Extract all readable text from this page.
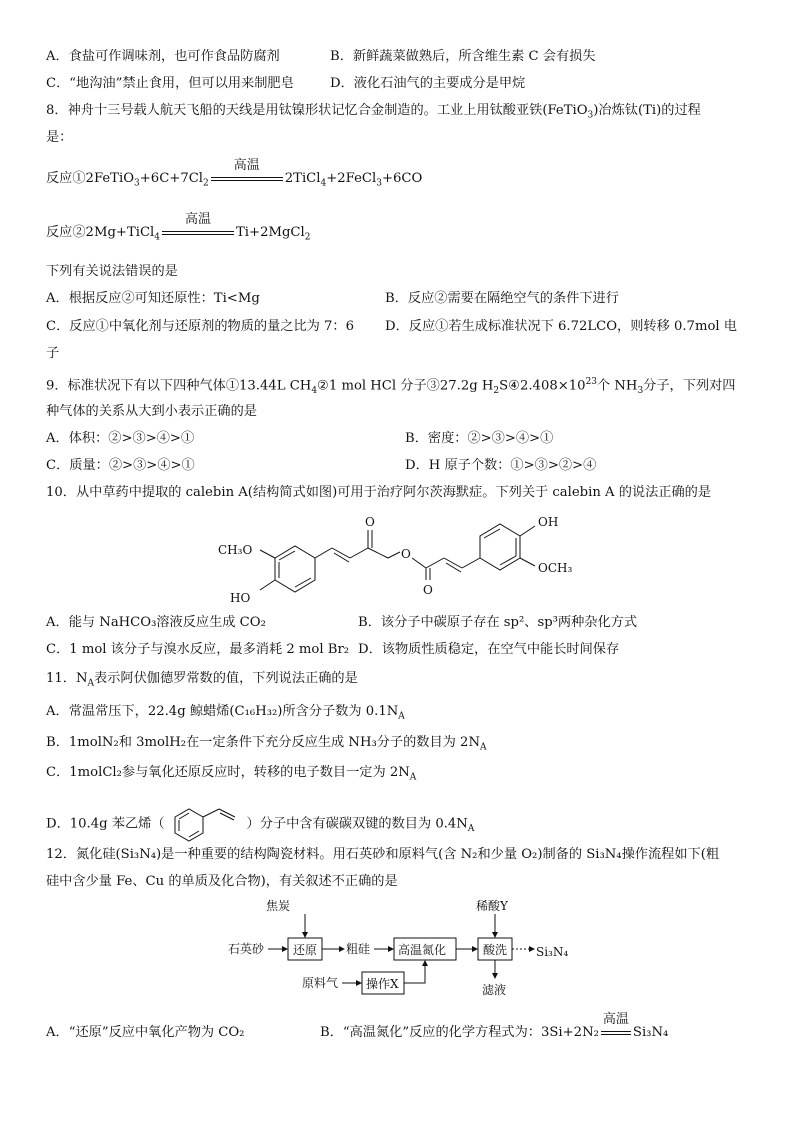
A．食盐可作调味剂，也可作食品防腐剂	B．新鲜蔬菜做熟后，所含维生素 C 会有损失
C．“地沟油”禁止食用，但可以用来制肥皂	D．液化石油气的主要成分是甲烷
8．神舟十三号载人航天飞船的天线是用钛镍形状记忆合金制造的。工业上用钛酸亚铁(FeTiO$_3$)冶炼钛(Ti)的过程
是：
反应$①2FeTiO_3+6C+7Cl_2$
高温
2TiCl$_4$+2FeCl$_3$+6CO
反应②2Mg+TiCl$_4$
高温
Ti+2MgCl$_2$
下列有关说法错误的是
A．根据反应②可知还原性：Ti<Mg	B．反应②需要在隔绝空气的条件下进行
C．反应①中氧化剂与还原剂的物质的量之比为 7：6 D．反应①若生成标准状况下 6.72LCO，则转移 0.7mol 电
子
9．标准状况下有以下四种气体①13.44L $CH_4②1$ mol HCl 分子③27.2g $H_2S④2.408\times 10^{23}$个 $NH_3$分子，下列对四
种气体的关系从大到小表示正确的是
A．体积：②>③>④>①	B．密度：②>③>④>①
C．质量：②>③>④>①	D．H 原子个数：①>③>②>④
10．从中草药中提取的 calebin A(结构简式如图)可用于治疗阿尔茨海默症。下列关于 calebin A 的说法正确的是
CH₃O
HO
O
O
O
OH
OCH₃
A．能与 NaHCO₃溶液反应生成 CO₂	B．该分子中碳原子存在 sp²、sp³两种杂化方式
C．1 mol 该分子与溴水反应，最多消耗 2 mol Br₂ D．该物质性质稳定，在空气中能长时间保存
11．$N_A$表示阿伏伽德罗常数的值，下列说法正确的是
A．常温常压下，22.4g 鲸蜡烯(C₁₆H₃₂)所含分子数为 $0.1N_A$
B．1molN₂和 3molH₂在一定条件下充分反应生成 NH₃分子的数目为 $2N_A$
C．1molCl₂参与氧化还原反应时，转移的电子数目一定为 $2N_A$
D．10.4g 苯乙烯（	）分子中含有碳碳双键的数目为 $0.4N_A$
12．氮化硅(Si₃N₄)是一种重要的结构陶瓷材料。用石英砂和原料气(含 N₂和少量 O₂)制备的 Si₃N₄操作流程如下(粗
硅中含少量 Fe、Cu 的单质及化合物)，有关叙述不正确的是
焦炭	稀酸Y
石英砂 还原 粗硅 高温氮化	酸洗 Si₃N₄
原料气 操作X	滤液
A．“还原”反应中氧化产物为 CO₂	B．“高温氮化”反应的化学方程式为：3Si+2N₂
高温
Si₃N₄
